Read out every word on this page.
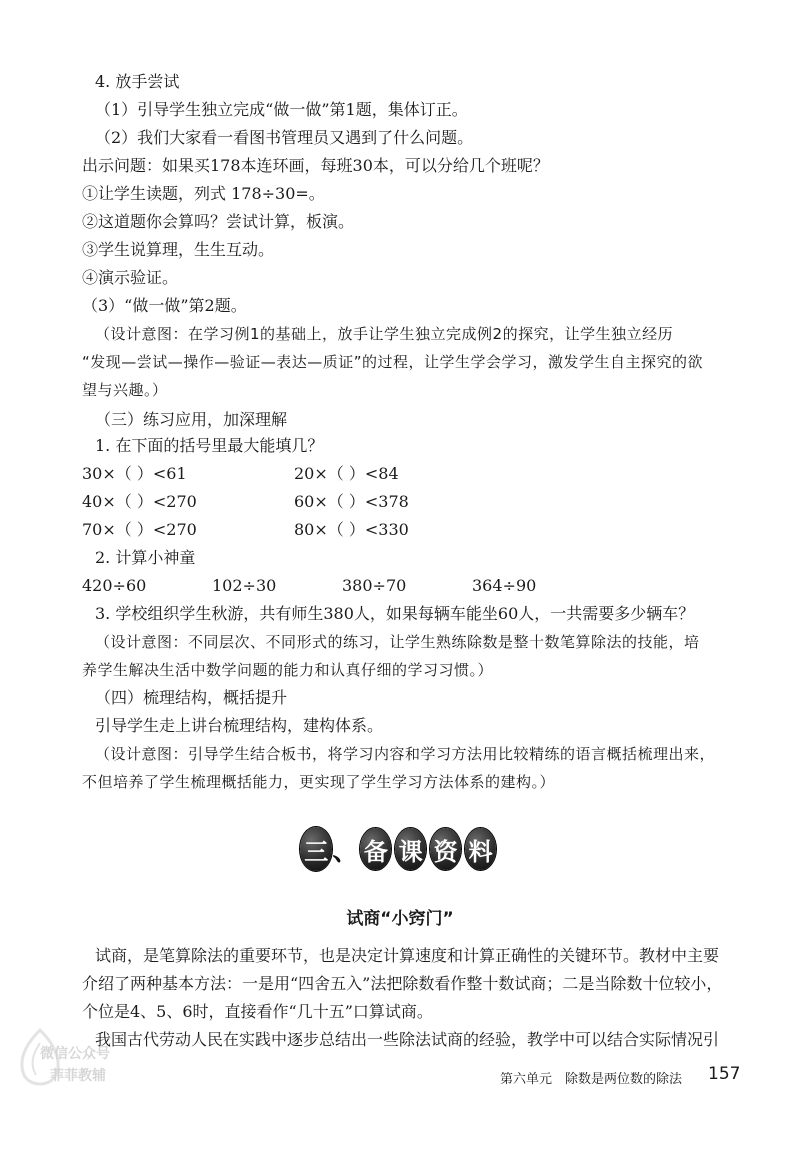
4. 放手尝试
（1）引导学生独立完成“做一做”第1题，集体订正。
（2）我们大家看一看图书管理员又遇到了什么问题。
出示问题：如果买178本连环画，每班30本，可以分给几个班呢？
①让学生读题，列式 178÷30=。
②这道题你会算吗？尝试计算，板演。
③学生说算理，生生互动。
④演示验证。
（3）“做一做”第2题。
（设计意图：在学习例1的基础上，放手让学生独立完成例2的探究，让学生独立经历
“发现—尝试—操作—验证—表达—质证”的过程，让学生学会学习，激发学生自主探究的欲
望与兴趣。）
（三）练习应用，加深理解
1. 在下面的括号里最大能填几？
30×（ ）<61	20×（ ）<84
40×（ ）<270	60×（ ）<378
70×（ ）<270	80×（ ）<330
2. 计算小神童
420÷60	102÷30	380÷70	364÷90
3. 学校组织学生秋游，共有师生380人，如果每辆车能坐60人，一共需要多少辆车？
（设计意图：不同层次、不同形式的练习，让学生熟练除数是整十数笔算除法的技能，培
养学生解决生活中数学问题的能力和认真仔细的学习习惯。）
（四）梳理结构，概括提升
引导学生走上讲台梳理结构，建构体系。
（设计意图：引导学生结合板书，将学习内容和学习方法用比较精练的语言概括梳理出来，
不但培养了学生梳理概括能力，更实现了学生学习方法体系的建构。）
三 、 备 课 资 料
试商“小窍门”
试商，是笔算除法的重要环节，也是决定计算速度和计算正确性的关键环节。教材中主要
介绍了两种基本方法：一是用“四舍五入”法把除数看作整十数试商；二是当除数十位较小，
个位是4、5、6时，直接看作“几十五”口算试商。
我国古代劳动人民在实践中逐步总结出一些除法试商的经验，教学中可以结合实际情况引
微信公众号
菲菲教辅	第六单元　除数是两位数的除法 157
